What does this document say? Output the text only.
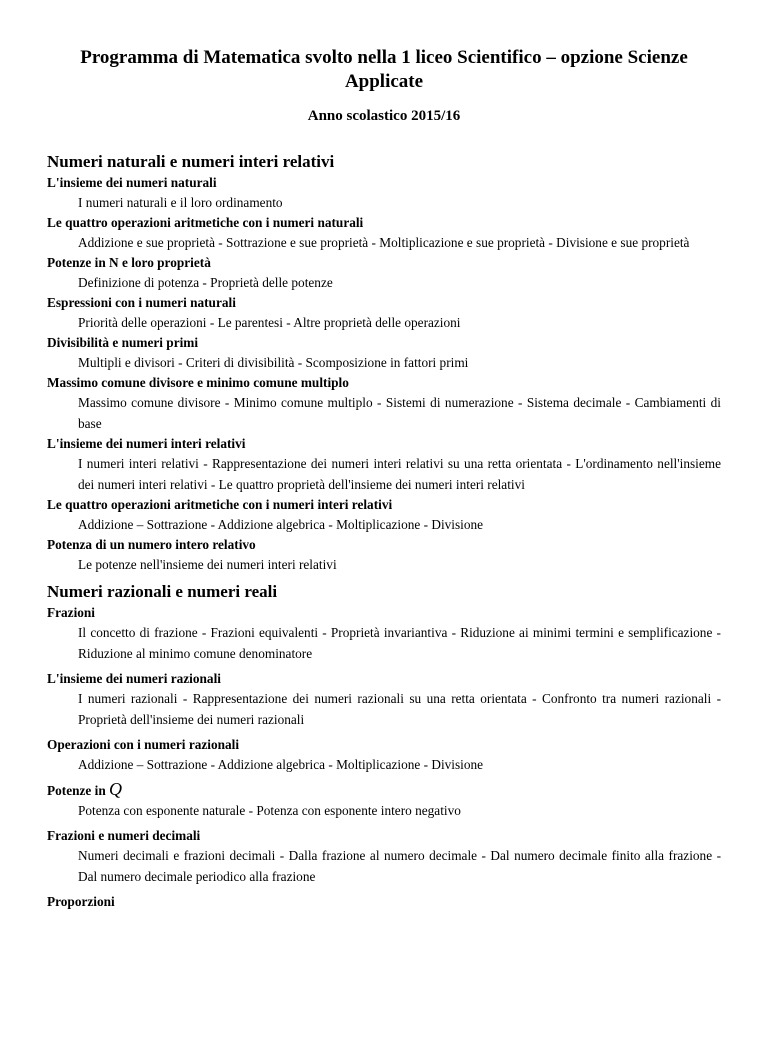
Programma di Matematica svolto nella 1 liceo Scientifico – opzione Scienze Applicate
Anno scolastico 2015/16
Numeri naturali e numeri interi relativi
L'insieme dei numeri naturali
I numeri naturali e il loro ordinamento
Le quattro operazioni aritmetiche con i numeri naturali
Addizione e sue proprietà - Sottrazione e sue proprietà - Moltiplicazione e sue proprietà - Divisione e sue proprietà
Potenze in N e loro proprietà
Definizione di potenza - Proprietà delle potenze
Espressioni con i numeri naturali
Priorità delle operazioni - Le parentesi - Altre proprietà delle operazioni
Divisibilità e numeri primi
Multipli e divisori - Criteri di divisibilità - Scomposizione in fattori primi
Massimo comune divisore e minimo comune multiplo
Massimo comune divisore - Minimo comune multiplo - Sistemi di numerazione - Sistema decimale - Cambiamenti di base
L'insieme dei numeri interi relativi
I numeri interi relativi - Rappresentazione dei numeri interi relativi su una retta orientata - L'ordinamento nell'insieme dei numeri interi relativi - Le quattro proprietà dell'insieme dei numeri interi relativi
Le quattro operazioni aritmetiche con i numeri interi relativi
Addizione – Sottrazione - Addizione algebrica - Moltiplicazione - Divisione
Potenza di un numero intero relativo
Le potenze nell'insieme dei numeri interi relativi
Numeri razionali e numeri reali
Frazioni
Il concetto di frazione - Frazioni equivalenti - Proprietà invariantiva - Riduzione ai minimi termini e semplificazione - Riduzione al minimo comune denominatore
L'insieme dei numeri razionali
I numeri razionali - Rappresentazione dei numeri razionali su una retta orientata - Confronto tra numeri razionali - Proprietà dell'insieme dei numeri razionali
Operazioni con i numeri razionali
Addizione – Sottrazione - Addizione algebrica - Moltiplicazione - Divisione
Potenze in Q
Potenza con esponente naturale - Potenza con esponente intero negativo
Frazioni e numeri decimali
Numeri decimali e frazioni decimali - Dalla frazione al numero decimale - Dal numero decimale finito alla frazione - Dal numero decimale periodico alla frazione
Proporzioni
